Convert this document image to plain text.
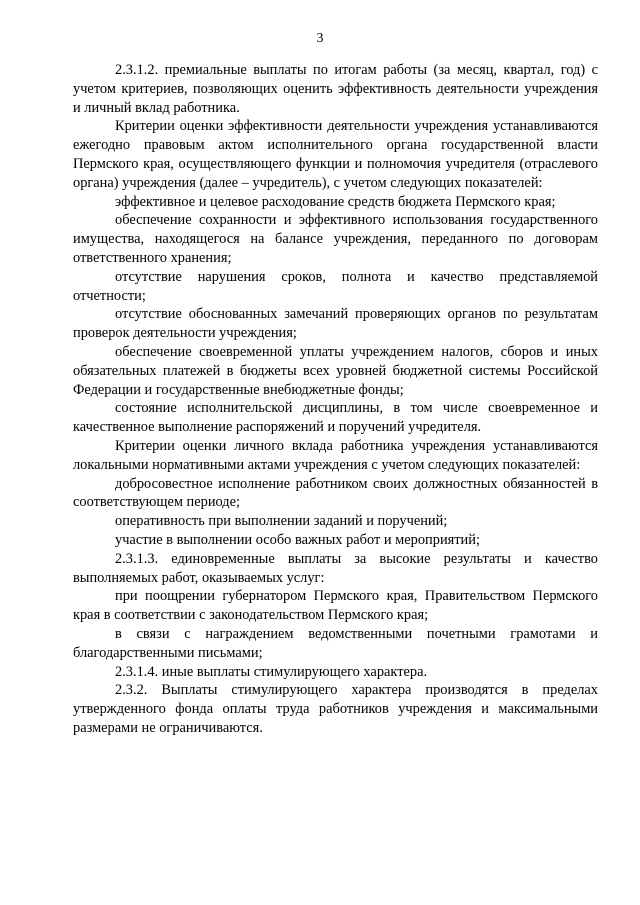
3

2.3.1.2. премиальные выплаты по итогам работы (за месяц, квартал, год) с учетом критериев, позволяющих оценить эффективность деятельности учреждения и личный вклад работника.

Критерии оценки эффективности деятельности учреждения устанавливаются ежегодно правовым актом исполнительного органа государственной власти Пермского края, осуществляющего функции и полномочия учредителя (отраслевого органа) учреждения (далее – учредитель), с учетом следующих показателей:

эффективное и целевое расходование средств бюджета Пермского края;

обеспечение сохранности и эффективного использования государственного имущества, находящегося на балансе учреждения, переданного по договорам ответственного хранения;

отсутствие нарушения сроков, полнота и качество представляемой отчетности;

отсутствие обоснованных замечаний проверяющих органов по результатам проверок деятельности учреждения;

обеспечение своевременной уплаты учреждением налогов, сборов и иных обязательных платежей в бюджеты всех уровней бюджетной системы Российской Федерации и государственные внебюджетные фонды;

состояние исполнительской дисциплины, в том числе своевременное и качественное выполнение распоряжений и поручений учредителя.

Критерии оценки личного вклада работника учреждения устанавливаются локальными нормативными актами учреждения с учетом следующих показателей:

добросовестное исполнение работником своих должностных обязанностей в соответствующем периоде;

оперативность при выполнении заданий и поручений;

участие в выполнении особо важных работ и мероприятий;

2.3.1.3. единовременные выплаты за высокие результаты и качество выполняемых работ, оказываемых услуг:

при поощрении губернатором Пермского края, Правительством Пермского края в соответствии с законодательством Пермского края;

в связи с награждением ведомственными почетными грамотами и благодарственными письмами;

2.3.1.4. иные выплаты стимулирующего характера.

2.3.2. Выплаты стимулирующего характера производятся в пределах утвержденного фонда оплаты труда работников учреждения и максимальными размерами не ограничиваются.
